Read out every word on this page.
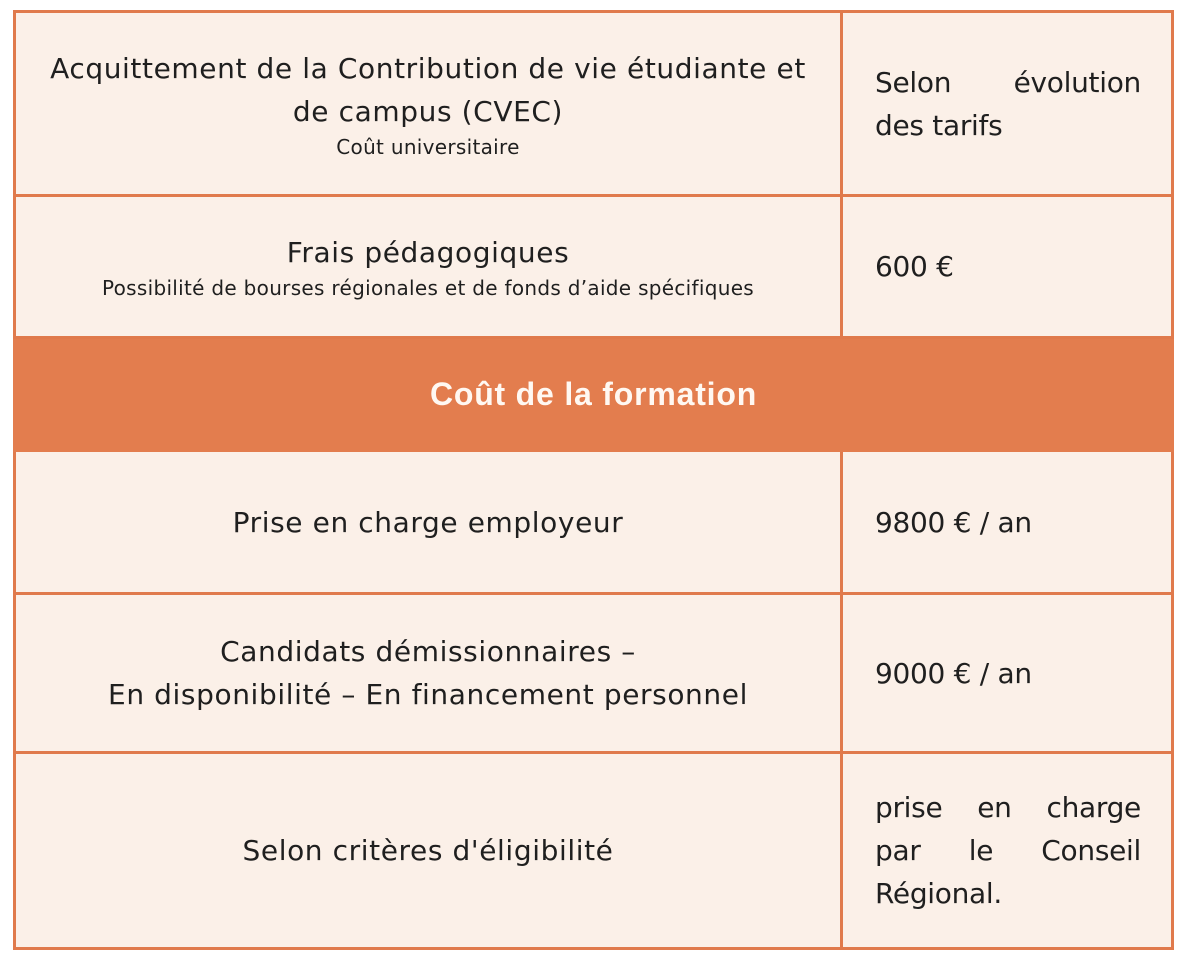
Acquittement de la Contribution de vie étudiante et de campus (CVEC)
Coût universitaire	Selon évolution des tarifs

Frais pédagogiques
Possibilité de bourses régionales et de fonds d’aide spécifiques	600 €
Coût de la formation	

Prise en charge employeur	9800 € / an

Candidats démissionnaires –
En disponibilité – En financement personnel	9000 € / an

Selon critères d'éligibilité	prise en charge par le Conseil Régional.
